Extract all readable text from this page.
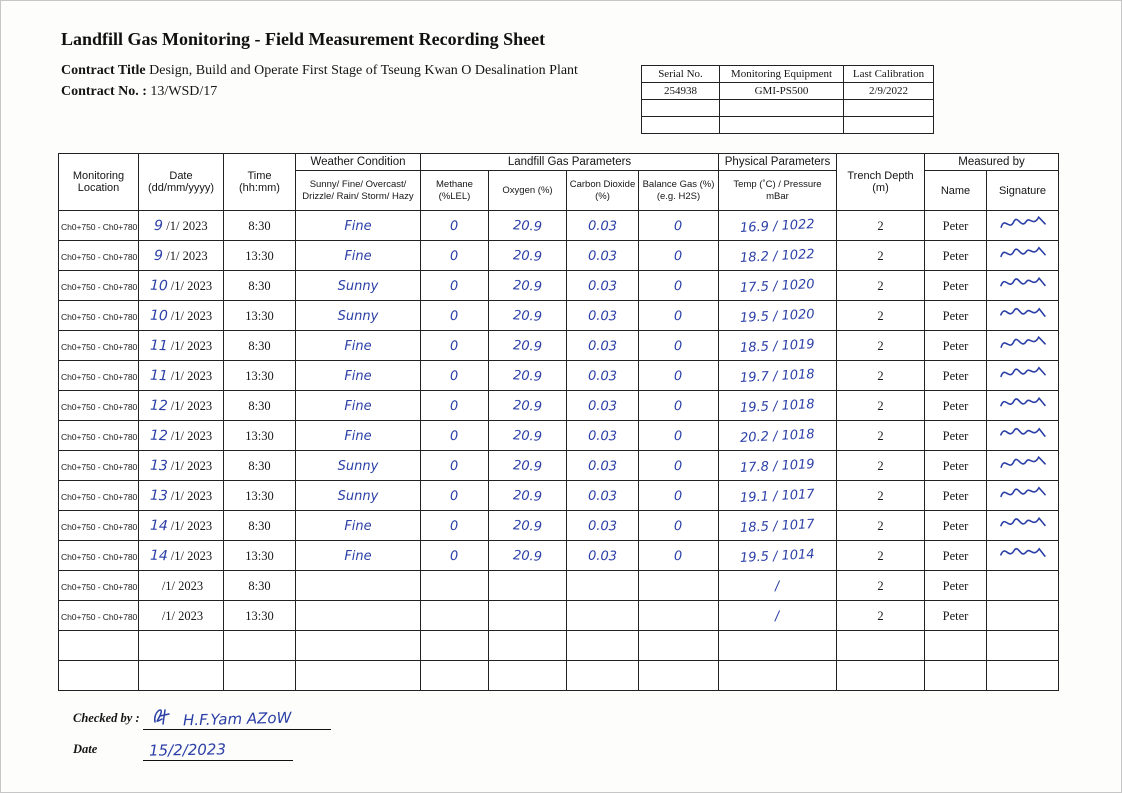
Landfill Gas Monitoring - Field Measurement Recording Sheet
Contract Title Design, Build and Operate First Stage of Tseung Kwan O Desalination Plant
Contract No. : 13/WSD/17
Serial No.	Monitoring Equipment	Last Calibration
254938	GMI-PS500	2/9/2022

Monitoring Location	Date (dd/mm/yyyy)	Time (hh:mm)	Weather Condition	Landfill Gas Parameters				Physical Parameters	Trench Depth (m)	Measured by	
			Sunny/ Fine/ Overcast/ Drizzle/ Rain/ Storm/ Hazy	Methane (%LEL)	Oxygen (%)	Carbon Dioxide (%)	Balance Gas (%) (e.g. H2S)	Temp (˚C) / Pressure mBar		Name	Signature
Ch0+750 - Ch0+780	9 /1/ 2023	8:30	Fine	0	20.9	0.03	0	16.9 / 1022	2	Peter	
Ch0+750 - Ch0+780	9 /1/ 2023	13:30	Fine	0	20.9	0.03	0	18.2 / 1022	2	Peter	
Ch0+750 - Ch0+780	10 /1/ 2023	8:30	Sunny	0	20.9	0.03	0	17.5 / 1020	2	Peter	
Ch0+750 - Ch0+780	10 /1/ 2023	13:30	Sunny	0	20.9	0.03	0	19.5 / 1020	2	Peter	
Ch0+750 - Ch0+780	11 /1/ 2023	8:30	Fine	0	20.9	0.03	0	18.5 / 1019	2	Peter	
Ch0+750 - Ch0+780	11 /1/ 2023	13:30	Fine	0	20.9	0.03	0	19.7 / 1018	2	Peter	
Ch0+750 - Ch0+780	12 /1/ 2023	8:30	Fine	0	20.9	0.03	0	19.5 / 1018	2	Peter	
Ch0+750 - Ch0+780	12 /1/ 2023	13:30	Fine	0	20.9	0.03	0	20.2 / 1018	2	Peter	
Ch0+750 - Ch0+780	13 /1/ 2023	8:30	Sunny	0	20.9	0.03	0	17.8 / 1019	2	Peter	
Ch0+750 - Ch0+780	13 /1/ 2023	13:30	Sunny	0	20.9	0.03	0	19.1 / 1017	2	Peter	
Ch0+750 - Ch0+780	14 /1/ 2023	8:30	Fine	0	20.9	0.03	0	18.5 / 1017	2	Peter	
Ch0+750 - Ch0+780	14 /1/ 2023	13:30	Fine	0	20.9	0.03	0	19.5 / 1014	2	Peter	
Ch0+750 - Ch0+780	/1/ 2023	8:30						/	2	Peter	
Ch0+750 - Ch0+780	/1/ 2023	13:30						/	2	Peter	

Checked by :	H.F.Yam AZoW
Date	15/2/2023
